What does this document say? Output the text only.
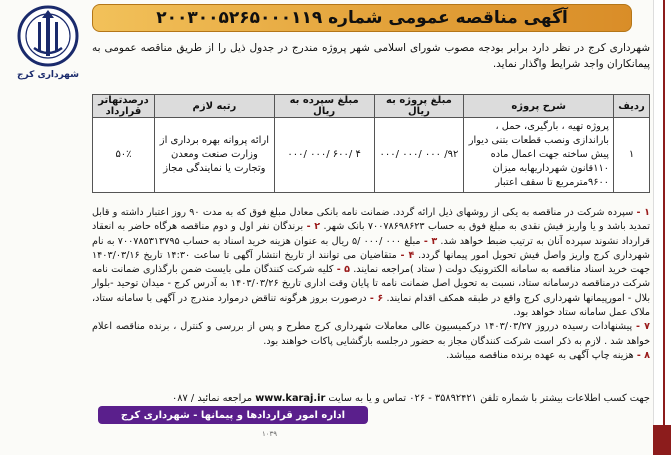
آگهی مناقصه عمومی شماره ۲۰۰۳۰۰۵۲۶۵۰۰۰۱۱۹
شهرداری کرج در نظر دارد برابر بودجه مصوب شورای اسلامی شهر پروژه مندرج در جدول ذیل را از طریق مناقصه عمومی به پیمانکاران واجد شرایط واگذار نماید.
ردیف	شرح پروژه	مبلغ پروژه به ریال	مبلغ سپرده به ریال	رتبه لازم	درصدتهاتر قرارداد
۱	پروژه تهیه ، بارگیری، حمل ، باراندازی ونصب قطعات بتنی دیوار پیش ساخته جهت اعمال ماده ۱۱۰قانون شهرداریهابه میزان ۹۶۰۰مترمربع تا سقف اعتبار	۹۲/ ۰۰۰ /۰۰۰ /۰۰۰	۴ /۶۰۰ /۰۰۰ /۰۰۰	ارائه پروانه بهره برداری از وزارت صنعت ومعدن وتجارت یا نمایندگی مجاز	۵۰٪

۱ - سپرده شرکت در مناقصه به یکی از روشهای ذیل ارائه گردد. ضمانت نامه بانکی معادل مبلغ فوق که به مدت ۹۰ روز اعتبار داشته و قابل تمدید باشد و یا واریز فیش نقدی به مبلغ فوق به حساب ۷۰۰۷۸۶۹۸۶۲۳ بانک شهر. ۲ - برندگان نفر اول و دوم مناقصه هرگاه حاضر به انعقاد قرارداد نشوند سپرده آنان به ترتیب ضبط خواهد شد. ۳ - مبلغ ۰۰۰ /۰۰۰ /۵ ریال به عنوان هزینه خرید اسناد به حساب ۷۰۰۷۸۵۳۱۳۷۹۵ به نام شهرداری کرج واریز واصل فیش تحویل امور پیمانها گردد. ۴ - متقاضیان می توانند از تاریخ انتشار آگهی تا ساعت ۱۴:۳۰ تاریخ ۱۴۰۳/۰۳/۱۶ جهت خرید اسناد مناقصه به سامانه الکترونیک دولت ( ستاد )مراجعه نمایند. ۵ - کلیه شرکت کنندگان ملی بایست ضمن بارگذاری ضمانت نامه شرکت درمناقصه درسامانه ستاد، نسبت به تحویل اصل ضمانت نامه تا پایان وقت اداری تاریخ ۱۴۰۳/۰۳/۲۶ به آدرس کرج - میدان توحید -بلوار بلال - امورپیمانها شهرداری کرج واقع در طبقه همکف اقدام نمایند. ۶ - درصورت بروز هرگونه تناقض درموارد مندرج در آگهی با سامانه ستاد، ملاک عمل سامانه ستاد خواهد بود.

۷ - پیشنهادات رسیده درروز ۱۴۰۳/۰۳/۲۷ درکمیسیون عالی معاملات شهرداری کرج مطرح و پس از بررسی و کنترل ، برنده مناقصه اعلام خواهد شد . لازم به ذکر است شرکت کنندگان مجاز به حضور درجلسه بازگشایی پاکات خواهند بود.

۸ - هزینه چاپ آگهی به عهده برنده مناقصه میباشد.

جهت کسب اطلاعات بیشتر با شماره تلفن ۳۵۸۹۲۴۲۱ - ۰۲۶ تماس و یا به سایت www.karaj.ir مراجعه نمائید / ۰۸۷
اداره امور قراردادها و پیمانها - شهرداری کرج
۱۰۳۹
شهرداری کرج
